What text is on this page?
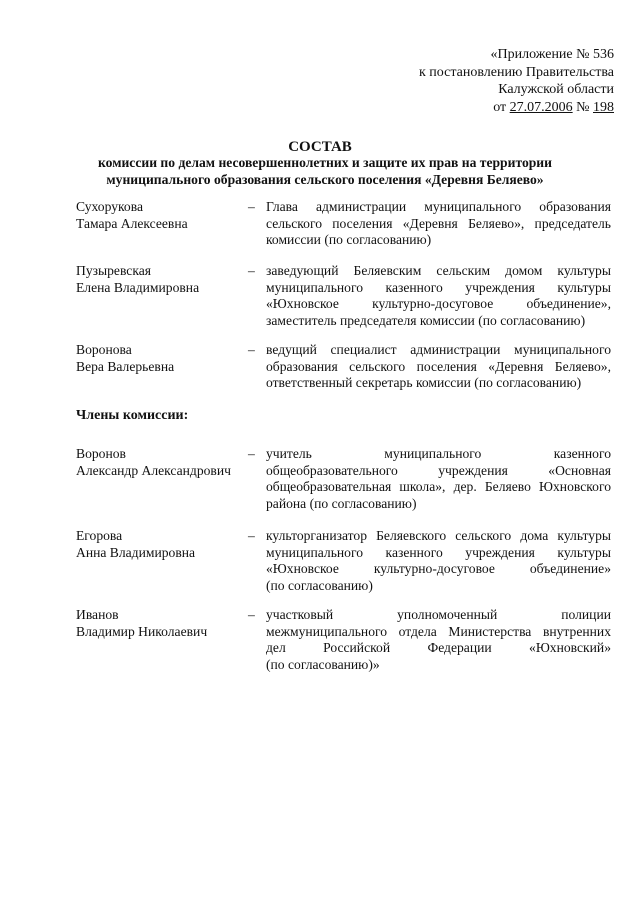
«Приложение № 536
к постановлению Правительства
Калужской области
от 27.07.2006 № 198
СОСТАВ
комиссии по делам несовершеннолетних и защите их прав на территории
муниципального образования сельского поселения «Деревня Беляево»
Сухорукова
Тамара Алексеевна
– Глава администрации муниципального образования
сельского поселения «Деревня Беляево», председатель
комиссии (по согласованию)
Пузыревская
Елена Владимировна
– заведующий Беляевским сельским домом культуры
муниципального казенного учреждения культуры
«Юхновское культурно-досуговое объединение»,
заместитель председателя комиссии (по согласованию)
Воронова
Вера Валерьевна
– ведущий специалист администрации муниципального
образования сельского поселения «Деревня Беляево»,
ответственный секретарь комиссии (по согласованию)
Члены комиссии:
Воронов
Александр Александрович
– учитель муниципального казенного
общеобразовательного учреждения «Основная
общеобразовательная школа», дер. Беляево Юхновского
района (по согласованию)
Егорова
Анна Владимировна
– культорганизатор Беляевского сельского дома культуры
муниципального казенного учреждения культуры
«Юхновское культурно-досуговое объединение»
(по согласованию)
Иванов
Владимир Николаевич
– участковый уполномоченный полиции
межмуниципального отдела Министерства внутренних
дел Российской Федерации «Юхновский»
(по согласованию)»
